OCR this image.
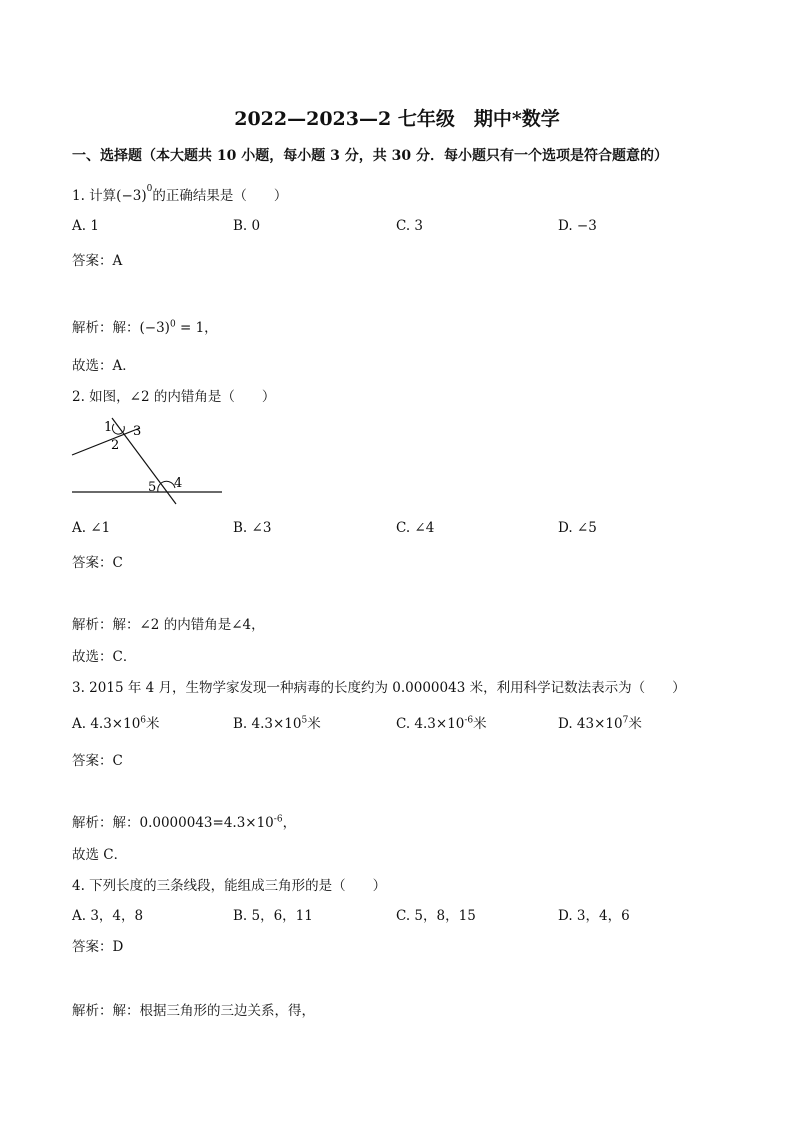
2022—2023—2 七年级　期中*数学
一、选择题（本大题共 10 小题，每小题 3 分，共 30 分．每小题只有一个选项是符合题意的）
1. 计算$(-3)^0$的正确结果是（　　）
A. 1	B. 0	C. 3	D. −3
答案：A
解析：解：$(-3)^0 = 1$，
故选：A．
2. 如图，∠2 的内错角是（　　）
1
2
3
4
5
A. ∠1	B. ∠3	C. ∠4	D. ∠5
答案：C
解析：解：∠2 的内错角是∠4，
故选：C．
3. 2015 年 4 月，生物学家发现一种病毒的长度约为 0.0000043 米，利用科学记数法表示为（　　）
A. $4.3\times 10^6$米	B. $4.3\times 10^5$米	C. $4.3\times 10^{-6}$米	D. $43\times 10^7$米
答案：C
解析：解：$0.0000043=4.3\times 10^{-6}$，
故选 C．
4. 下列长度的三条线段，能组成三角形的是（　　）
A. 3，4，8	B. 5，6，11	C. 5，8，15	D. 3，4，6
答案：D
解析：解：根据三角形的三边关系，得，
